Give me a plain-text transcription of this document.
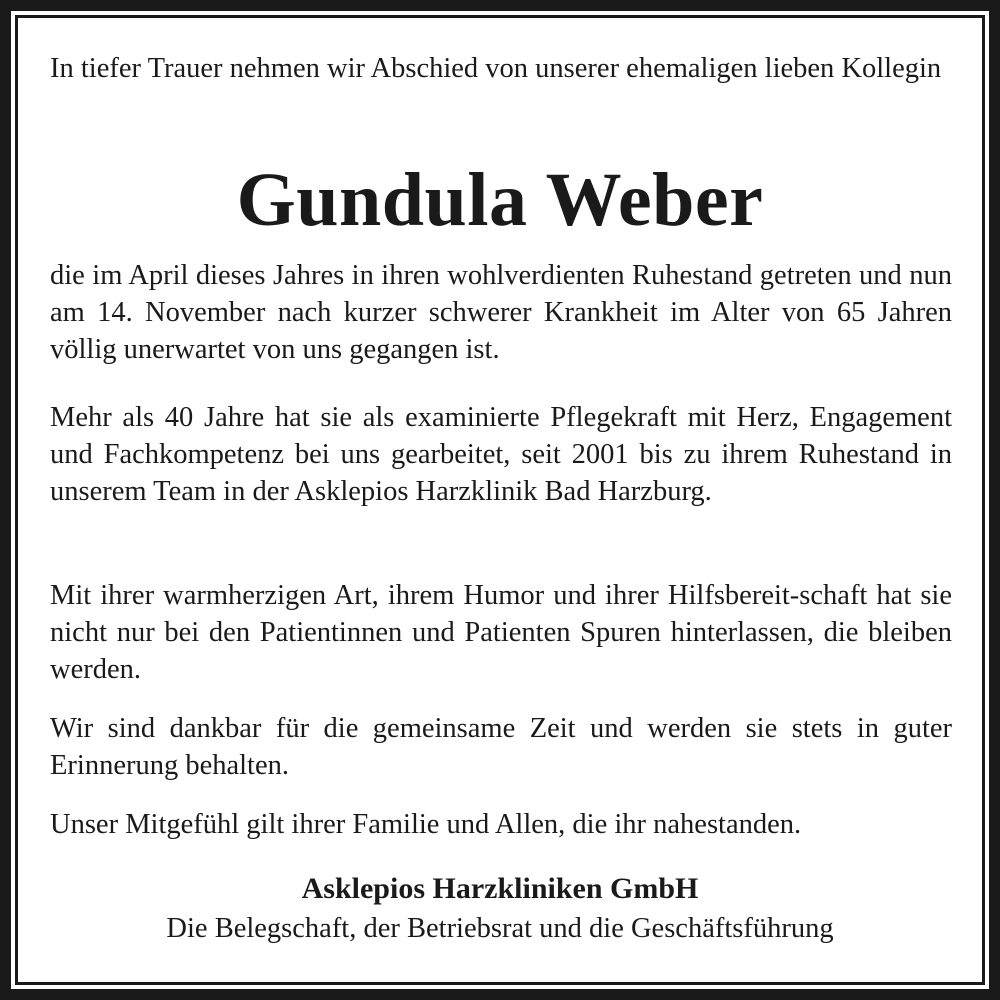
In tiefer Trauer nehmen wir Abschied von unserer ehemaligen lieben Kollegin

Gundula Weber

die im April dieses Jahres in ihren wohlverdienten Ruhestand getreten und nun am 14. November nach kurzer schwerer Krankheit im Alter von 65 Jahren völlig unerwartet von uns gegangen ist.

Mehr als 40 Jahre hat sie als examinierte Pflegekraft mit Herz, Engagement und Fachkompetenz bei uns gearbeitet, seit 2001 bis zu ihrem Ruhestand in unserem Team in der Asklepios Harzklinik Bad Harzburg.

Mit ihrer warmherzigen Art, ihrem Humor und ihrer Hilfsbereit-schaft hat sie nicht nur bei den Patientinnen und Patienten Spuren hinterlassen, die bleiben werden.

Wir sind dankbar für die gemeinsame Zeit und werden sie stets in guter Erinnerung behalten.

Unser Mitgefühl gilt ihrer Familie und Allen, die ihr nahestanden.

Asklepios Harzkliniken GmbH

Die Belegschaft, der Betriebsrat und die Geschäftsführung
